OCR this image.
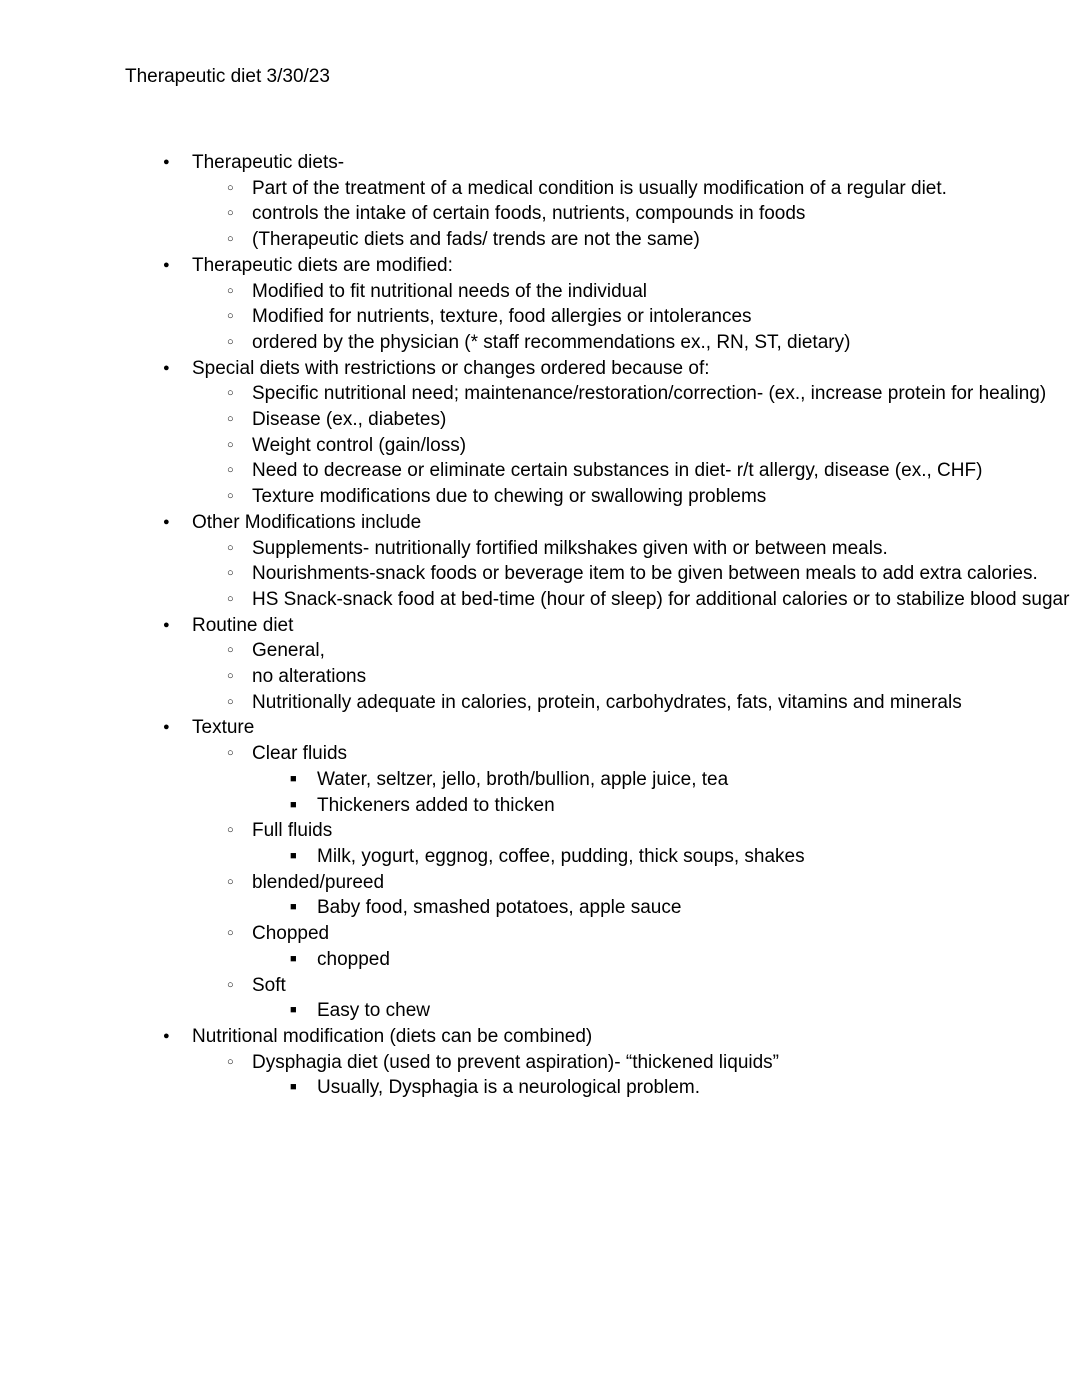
Therapeutic diet 3/30/23
● Therapeutic diets-
○ Part of the treatment of a medical condition is usually modification of a regular diet.
○ controls the intake of certain foods, nutrients, compounds in foods
○ (Therapeutic diets and fads/ trends are not the same)
● Therapeutic diets are modified:
○ Modified to fit nutritional needs of the individual
○ Modified for nutrients, texture, food allergies or intolerances
○ ordered by the physician (* staff recommendations ex., RN, ST, dietary)
● Special diets with restrictions or changes ordered because of:
○ Specific nutritional need; maintenance/restoration/correction- (ex., increase protein for healing)
○ Disease (ex., diabetes)
○ Weight control (gain/loss)
○ Need to decrease or eliminate certain substances in diet- r/t allergy, disease (ex., CHF)
○ Texture modifications due to chewing or swallowing problems
● Other Modifications include
○ Supplements- nutritionally fortified milkshakes given with or between meals.
○ Nourishments-snack foods or beverage item to be given between meals to add extra calories.
○ HS Snack-snack food at bed-time (hour of sleep) for additional calories or to stabilize blood sugar
● Routine diet
○ General,
○ no alterations
○ Nutritionally adequate in calories, protein, carbohydrates, fats, vitamins and minerals
● Texture
○ Clear fluids
■ Water, seltzer, jello, broth/bullion, apple juice, tea
■ Thickeners added to thicken
○ Full fluids
■ Milk, yogurt, eggnog, coffee, pudding, thick soups, shakes
○ blended/pureed
■ Baby food, smashed potatoes, apple sauce
○ Chopped
■ chopped
○ Soft
■ Easy to chew
● Nutritional modification (diets can be combined)
○ Dysphagia diet (used to prevent aspiration)- “thickened liquids”
■ Usually, Dysphagia is a neurological problem.
